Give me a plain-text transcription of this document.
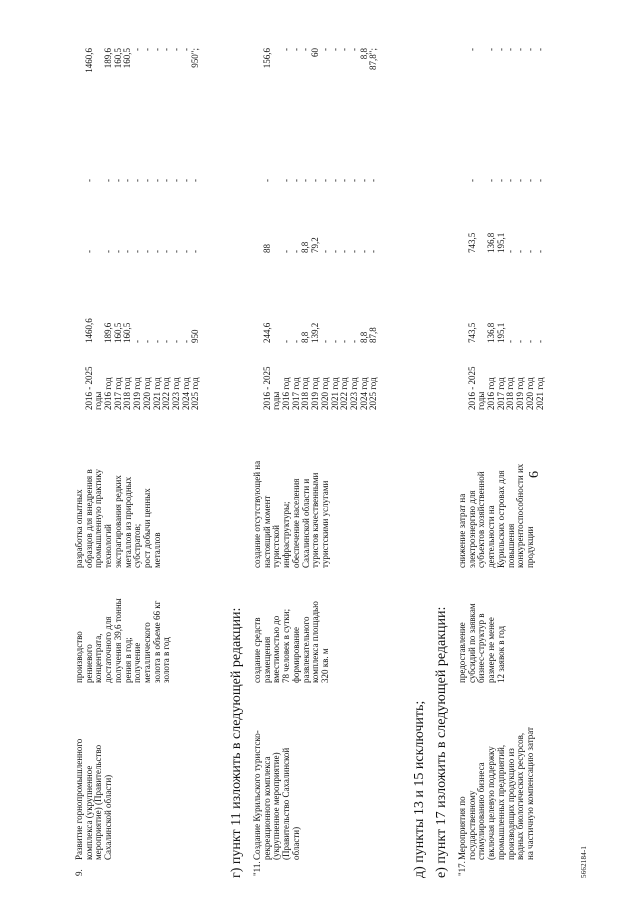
6
9.
Развитие горнопромышленного
комплекса (укрупненное
мероприятие) (Правительство
Сахалинской области)
производство
рениевого
концентрата,
достаточного для
получения 39,6 тонны
рения в год;
получение
металлического
золота в объеме 66 кг
золота в год
разработка опытных
образцов для внедрения в
промышленную практику
технологий
экстрагирования редких
металлов из природных
субстратов;
рост добычи ценных
металлов

2016 - 2025 годы 2016 год 2017 год 2018 год 2019 год 2020 год 2021 год 2022 год 2023 год 2024 год 2025 год

1460,6 189,6 160,5 160,5 - - - - - - 950

- - - - - - - - - - -

- - - - - - - - - - -

1460,6 189,6 160,5 160,5 - - - - - - 950";

г) пункт 11 изложить в следующей редакции: "11.
Создание Курильского туристско-
рекреационного комплекса
(укрупненное мероприятие)
(Правительство Сахалинской
области)
создание средств
размещения
вместимостью до
78 человек в сутки;
формирование
развлекательного
комплекса площадью
320 кв. м
создание отсутствующей на
настоящий момент
туристской
инфраструктуры;
обеспечение населения
Сахалинской области и
туристов качественными
туристскими услугами

2016 - 2025 годы 2016 год 2017 год 2018 год 2019 год 2020 год 2021 год 2022 год 2023 год 2024 год 2025 год

244,6 - - 8,8 139,2 - - - - 8,8 87,8

88 - - 8,8 79,2 - - - - - -

- - - - - - - - - - -

156,6 - - - 60 - - - - 8,8 87,8";

д) пункты 13 и 15 исключить; е) пункт 17 изложить в следующей редакции: "17.
Мероприятия по
государственному
стимулированию бизнеса
(включая целевую поддержку
промышленных предприятий,
производящих продукцию из
водных биологических ресурсов,
на частичную компенсацию затрат
предоставление
субсидий по заявкам
бизнес-структур в
размере не менее
12 заявок в год
снижение затрат на
электроэнергию для
субъектов хозяйственной
деятельности на
Курильских островах для
повышения
конкурентоспособности их
продукции

2016 - 2025 годы 2016 год 2017 год 2018 год 2019 год 2020 год 2021 год

743,5 136,8 195,1 - - - -

743,5 136,8 195,1 - - - -

- - - - - - -

- - - - - - -

5662184-1
